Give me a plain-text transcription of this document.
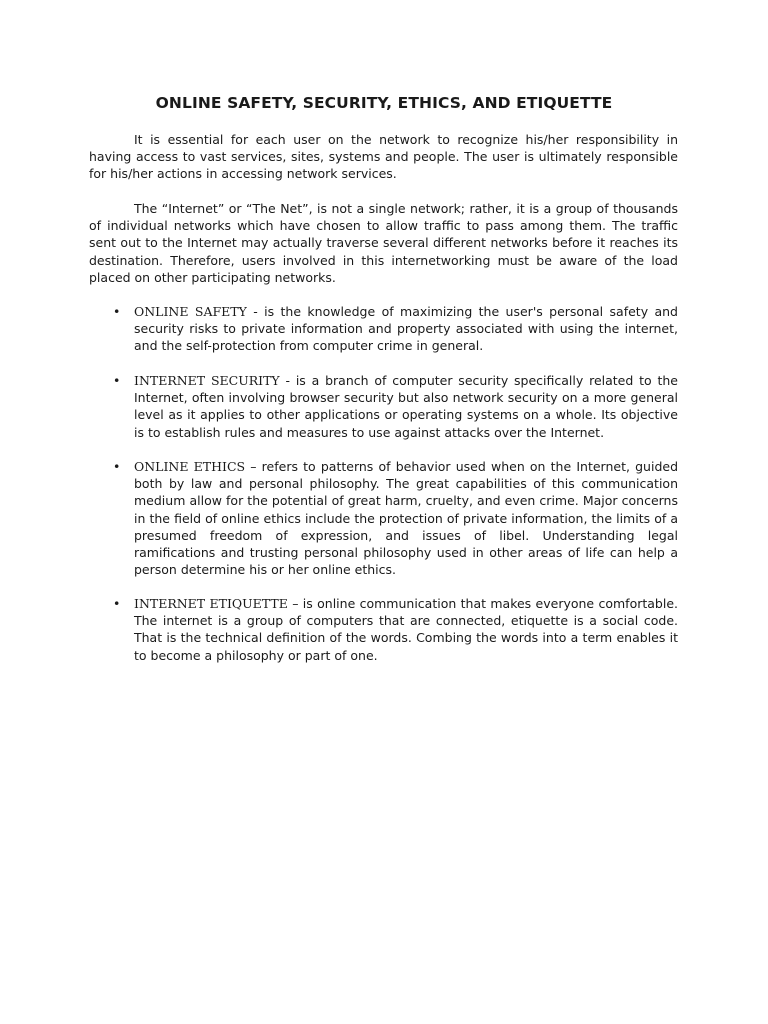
ONLINE SAFETY, SECURITY, ETHICS, AND ETIQUETTE

It is essential for each user on the network to recognize his/her responsibility in having access to vast services, sites, systems and people. The user is ultimately responsible for his/her actions in accessing network services.

The “Internet” or “The Net”, is not a single network; rather, it is a group of thousands of individual networks which have chosen to allow traffic to pass among them. The traffic sent out to the Internet may actually traverse several different networks before it reaches its destination. Therefore, users involved in this internetworking must be aware of the load placed on other participating networks.

• ONLINE SAFETY - is the knowledge of maximizing the user's personal safety and security risks to private information and property associated with using the internet, and the self-protection from computer crime in general.

• INTERNET SECURITY - is a branch of computer security specifically related to the Internet, often involving browser security but also network security on a more general level as it applies to other applications or operating systems on a whole. Its objective is to establish rules and measures to use against attacks over the Internet.

• ONLINE ETHICS – refers to patterns of behavior used when on the Internet, guided both by law and personal philosophy. The great capabilities of this communication medium allow for the potential of great harm, cruelty, and even crime. Major concerns in the field of online ethics include the protection of private information, the limits of a presumed freedom of expression, and issues of libel. Understanding legal ramifications and trusting personal philosophy used in other areas of life can help a person determine his or her online ethics.

• INTERNET ETIQUETTE – is online communication that makes everyone comfortable. The internet is a group of computers that are connected, etiquette is a social code. That is the technical definition of the words. Combing the words into a term enables it to become a philosophy or part of one.
